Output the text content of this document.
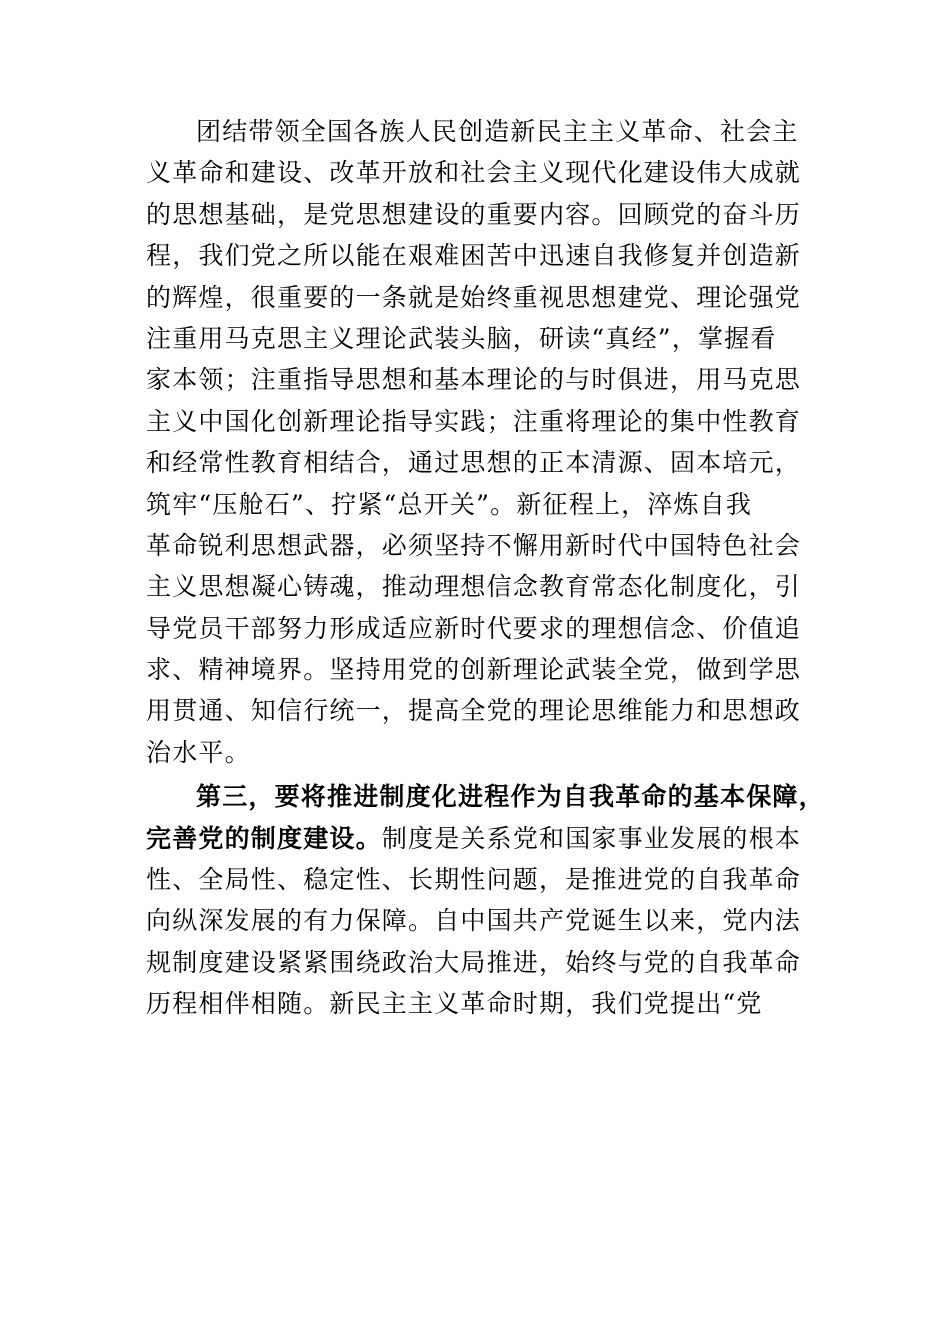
团结带领全国各族人民创造新民主主义革命、社会主
义革命和建设、改革开放和社会主义现代化建设伟大成就
的思想基础，是党思想建设的重要内容。回顾党的奋斗历
程，我们党之所以能在艰难困苦中迅速自我修复并创造新
的辉煌，很重要的一条就是始终重视思想建党、理论强党
注重用马克思主义理论武装头脑，研读“真经”，掌握看
家本领；注重指导思想和基本理论的与时俱进，用马克思
主义中国化创新理论指导实践；注重将理论的集中性教育
和经常性教育相结合，通过思想的正本清源、固本培元，
筑牢“压舱石”、拧紧“总开关”。新征程上，淬炼自我
革命锐利思想武器，必须坚持不懈用新时代中国特色社会
主义思想凝心铸魂，推动理想信念教育常态化制度化，引
导党员干部努力形成适应新时代要求的理想信念、价值追
求、精神境界。坚持用党的创新理论武装全党，做到学思
用贯通、知信行统一，提高全党的理论思维能力和思想政
治水平。
第三，要将推进制度化进程作为自我革命的基本保障，
完善党的制度建设。制度是关系党和国家事业发展的根本
性、全局性、稳定性、长期性问题，是推进党的自我革命
向纵深发展的有力保障。自中国共产党诞生以来，党内法
规制度建设紧紧围绕政治大局推进，始终与党的自我革命
历程相伴相随。新民主主义革命时期，我们党提出“党
